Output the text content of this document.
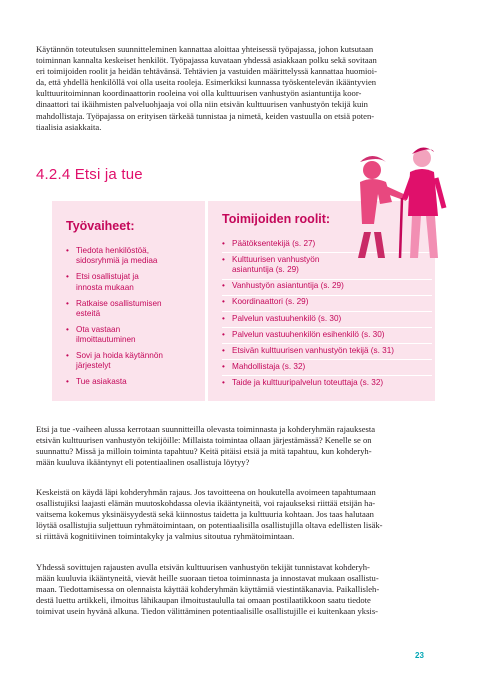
Käytännön toteutuksen suunnitteleminen kannattaa aloittaa yhteisessä työpajassa, johon kutsutaan
toiminnan kannalta keskeiset henkilöt. Työpajassa kuvataan yhdessä asiakkaan polku sekä sovitaan
eri toimijoiden roolit ja heidän tehtävänsä. Tehtävien ja vastuiden määrittelyssä kannattaa huomioi-
da, että yhdellä henkilöllä voi olla useita rooleja. Esimerkiksi kunnassa työskentelevän ikääntyvien
kulttuuritoiminnan koordinaattorin rooleina voi olla kulttuurisen vanhustyön asiantuntija koor-
dinaattori tai ikäihmisten palveluohjaaja voi olla niin etsivän kulttuurisen vanhustyön tekijä kuin
mahdollistaja. Työpajassa on erityisen tärkeää tunnistaa ja nimetä, keiden vastuulla on etsiä poten-
tiaalisia asiakkaita.

4.2.4 Etsi ja tue
Työvaiheet:
• Tiedota henkilöstöä,
sidosryhmiä ja mediaa
• Etsi osallistujat ja
innosta mukaan
• Ratkaise osallistumisen
esteitä
• Ota vastaan
ilmoittautuminen
• Sovi ja hoida käytännön
järjestelyt
• Tue asiakasta
Toimijoiden roolit:
• Päätöksentekijä (s. 27)
• Kulttuurisen vanhustyön
asiantuntija (s. 29)
• Vanhustyön asiantuntija (s. 29)
• Koordinaattori (s. 29)
• Palvelun vastuuhenkilö (s. 30)
• Palvelun vastuuhenkilön esihenkilö (s. 30)
• Etsivän kulttuurisen vanhustyön tekijä (s. 31)
• Mahdollistaja (s. 32)
• Taide ja kulttuuripalvelun toteuttaja (s. 32)

Etsi ja tue -vaiheen alussa kerrotaan suunnitteilla olevasta toiminnasta ja kohderyhmän rajauksesta
etsivän kulttuurisen vanhustyön tekijöille: Millaista toimintaa ollaan järjestämässä? Kenelle se on
suunnattu? Missä ja milloin toiminta tapahtuu? Keitä pitäisi etsiä ja mitä tapahtuu, kun kohderyh-
mään kuuluva ikääntynyt eli potentiaalinen osallistuja löytyy?

Keskeistä on käydä läpi kohderyhmän rajaus. Jos tavoitteena on houkutella avoimeen tapahtumaan
osallistujiksi laajasti elämän muutoskohdassa olevia ikääntyneitä, voi rajaukseksi riittää etsijän ha-
vaitsema kokemus yksinäisyydestä sekä kiinnostus taidetta ja kulttuuria kohtaan. Jos taas halutaan
löytää osallistujia suljettuun ryhmätoimintaan, on potentiaalisilla osallistujilla oltava edellisten lisäk-
si riittävä kognitiivinen toimintakyky ja valmius sitoutua ryhmätoimintaan.

Yhdessä sovittujen rajausten avulla etsivän kulttuurisen vanhustyön tekijät tunnistavat kohderyh-
mään kuuluvia ikääntyneitä, vievät heille suoraan tietoa toiminnasta ja innostavat mukaan osallistu-
maan. Tiedottamisessa on olennaista käyttää kohderyhmän käyttämiä viestintäkanavia. Paikallisleh-
destä luettu artikkeli, ilmoitus lähikaupan ilmoitustaululla tai omaan postilaatikkoon saatu tiedote
toimivat usein hyvänä alkuna. Tiedon välittäminen potentiaalisille osallistujille ei kuitenkaan yksis-

23
